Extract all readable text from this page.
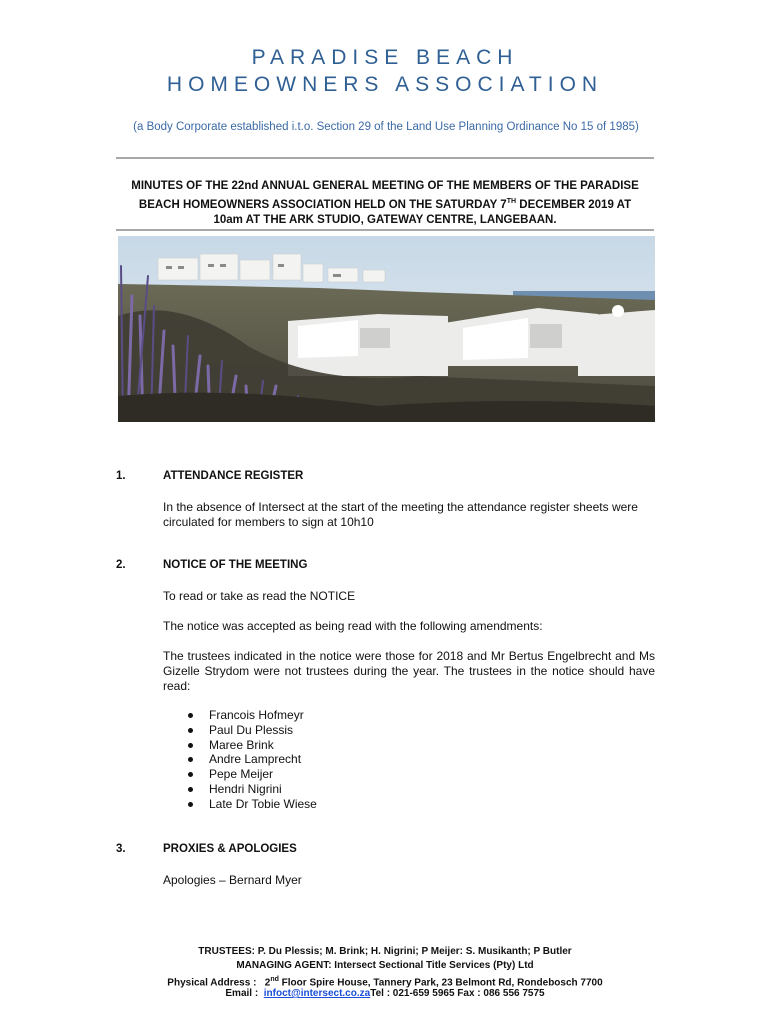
PARADISE BEACH
HOMEOWNERS ASSOCIATION
(a Body Corporate established i.t.o. Section 29 of the Land Use Planning Ordinance No 15 of 1985)
MINUTES OF THE 22nd ANNUAL GENERAL MEETING OF THE MEMBERS OF THE PARADISE
BEACH HOMEOWNERS ASSOCIATION HELD ON THE SATURDAY 7TH DECEMBER 2019 AT
10am AT THE ARK STUDIO, GATEWAY CENTRE, LANGEBAAN.
1.	ATTENDANCE REGISTER
In the absence of Intersect at the start of the meeting the attendance register sheets were circulated for members to sign at 10h10
2.	NOTICE OF THE MEETING
To read or take as read the NOTICE
The notice was accepted as being read with the following amendments:
The trustees indicated in the notice were those for 2018 and Mr Bertus Engelbrecht and Ms Gizelle Strydom were not trustees during the year. The trustees in the notice should have read:
Francois Hofmeyr
Paul Du Plessis
Maree Brink
Andre Lamprecht
Pepe Meijer
Hendri Nigrini
Late Dr Tobie Wiese
3.	PROXIES & APOLOGIES
Apologies – Bernard Myer
TRUSTEES: P. Du Plessis; M. Brink; H. Nigrini; P Meijer: S. Musikanth; P Butler
MANAGING AGENT: Intersect Sectional Title Services (Pty) Ltd
Physical Address : 2nd Floor Spire House, Tannery Park, 23 Belmont Rd, Rondebosch 7700
Email : infoct@intersect.co.zaTel : 021-659 5965 Fax : 086 556 7575
